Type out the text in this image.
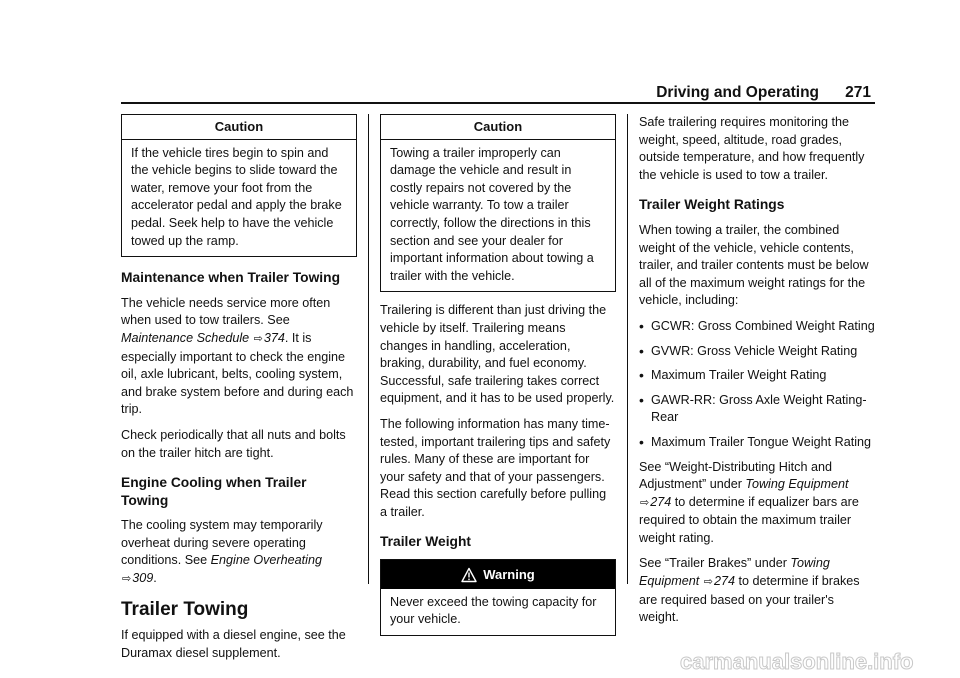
Driving and Operating 271
Caution
If the vehicle tires begin to spin and the vehicle begins to slide toward the water, remove your foot from the accelerator pedal and apply the brake pedal. Seek help to have the vehicle towed up the ramp.
Maintenance when Trailer Towing

The vehicle needs service more often when used to tow trailers. See Maintenance Schedule ⇨374. It is especially important to check the engine oil, axle lubricant, belts, cooling system, and brake system before and during each trip.

Check periodically that all nuts and bolts on the trailer hitch are tight.

Engine Cooling when Trailer Towing

The cooling system may temporarily overheat during severe operating conditions. See Engine Overheating ⇨309.

Trailer Towing

If equipped with a diesel engine, see the Duramax diesel supplement.

Caution
Towing a trailer improperly can damage the vehicle and result in costly repairs not covered by the vehicle warranty. To tow a trailer correctly, follow the directions in this section and see your dealer for important information about towing a trailer with the vehicle.

Trailering is different than just driving the vehicle by itself. Trailering means changes in handling, acceleration, braking, durability, and fuel economy. Successful, safe trailering takes correct equipment, and it has to be used properly.

The following information has many time-tested, important trailering tips and safety rules. Many of these are important for your safety and that of your passengers. Read this section carefully before pulling a trailer.

Trailer Weight
Warning
Never exceed the towing capacity for your vehicle.

Safe trailering requires monitoring the weight, speed, altitude, road grades, outside temperature, and how frequently the vehicle is used to tow a trailer.

Trailer Weight Ratings

When towing a trailer, the combined weight of the vehicle, vehicle contents, trailer, and trailer contents must be below all of the maximum weight ratings for the vehicle, including:

• GCWR: Gross Combined Weight Rating
• GVWR: Gross Vehicle Weight Rating
• Maximum Trailer Weight Rating
• GAWR-RR: Gross Axle Weight Rating-Rear
• Maximum Trailer Tongue Weight Rating

See “Weight-Distributing Hitch and Adjustment” under Towing Equipment ⇨274 to determine if equalizer bars are required to obtain the maximum trailer weight rating.

See “Trailer Brakes” under Towing Equipment ⇨274 to determine if brakes are required based on your trailer's weight.

carmanualsonline.info
